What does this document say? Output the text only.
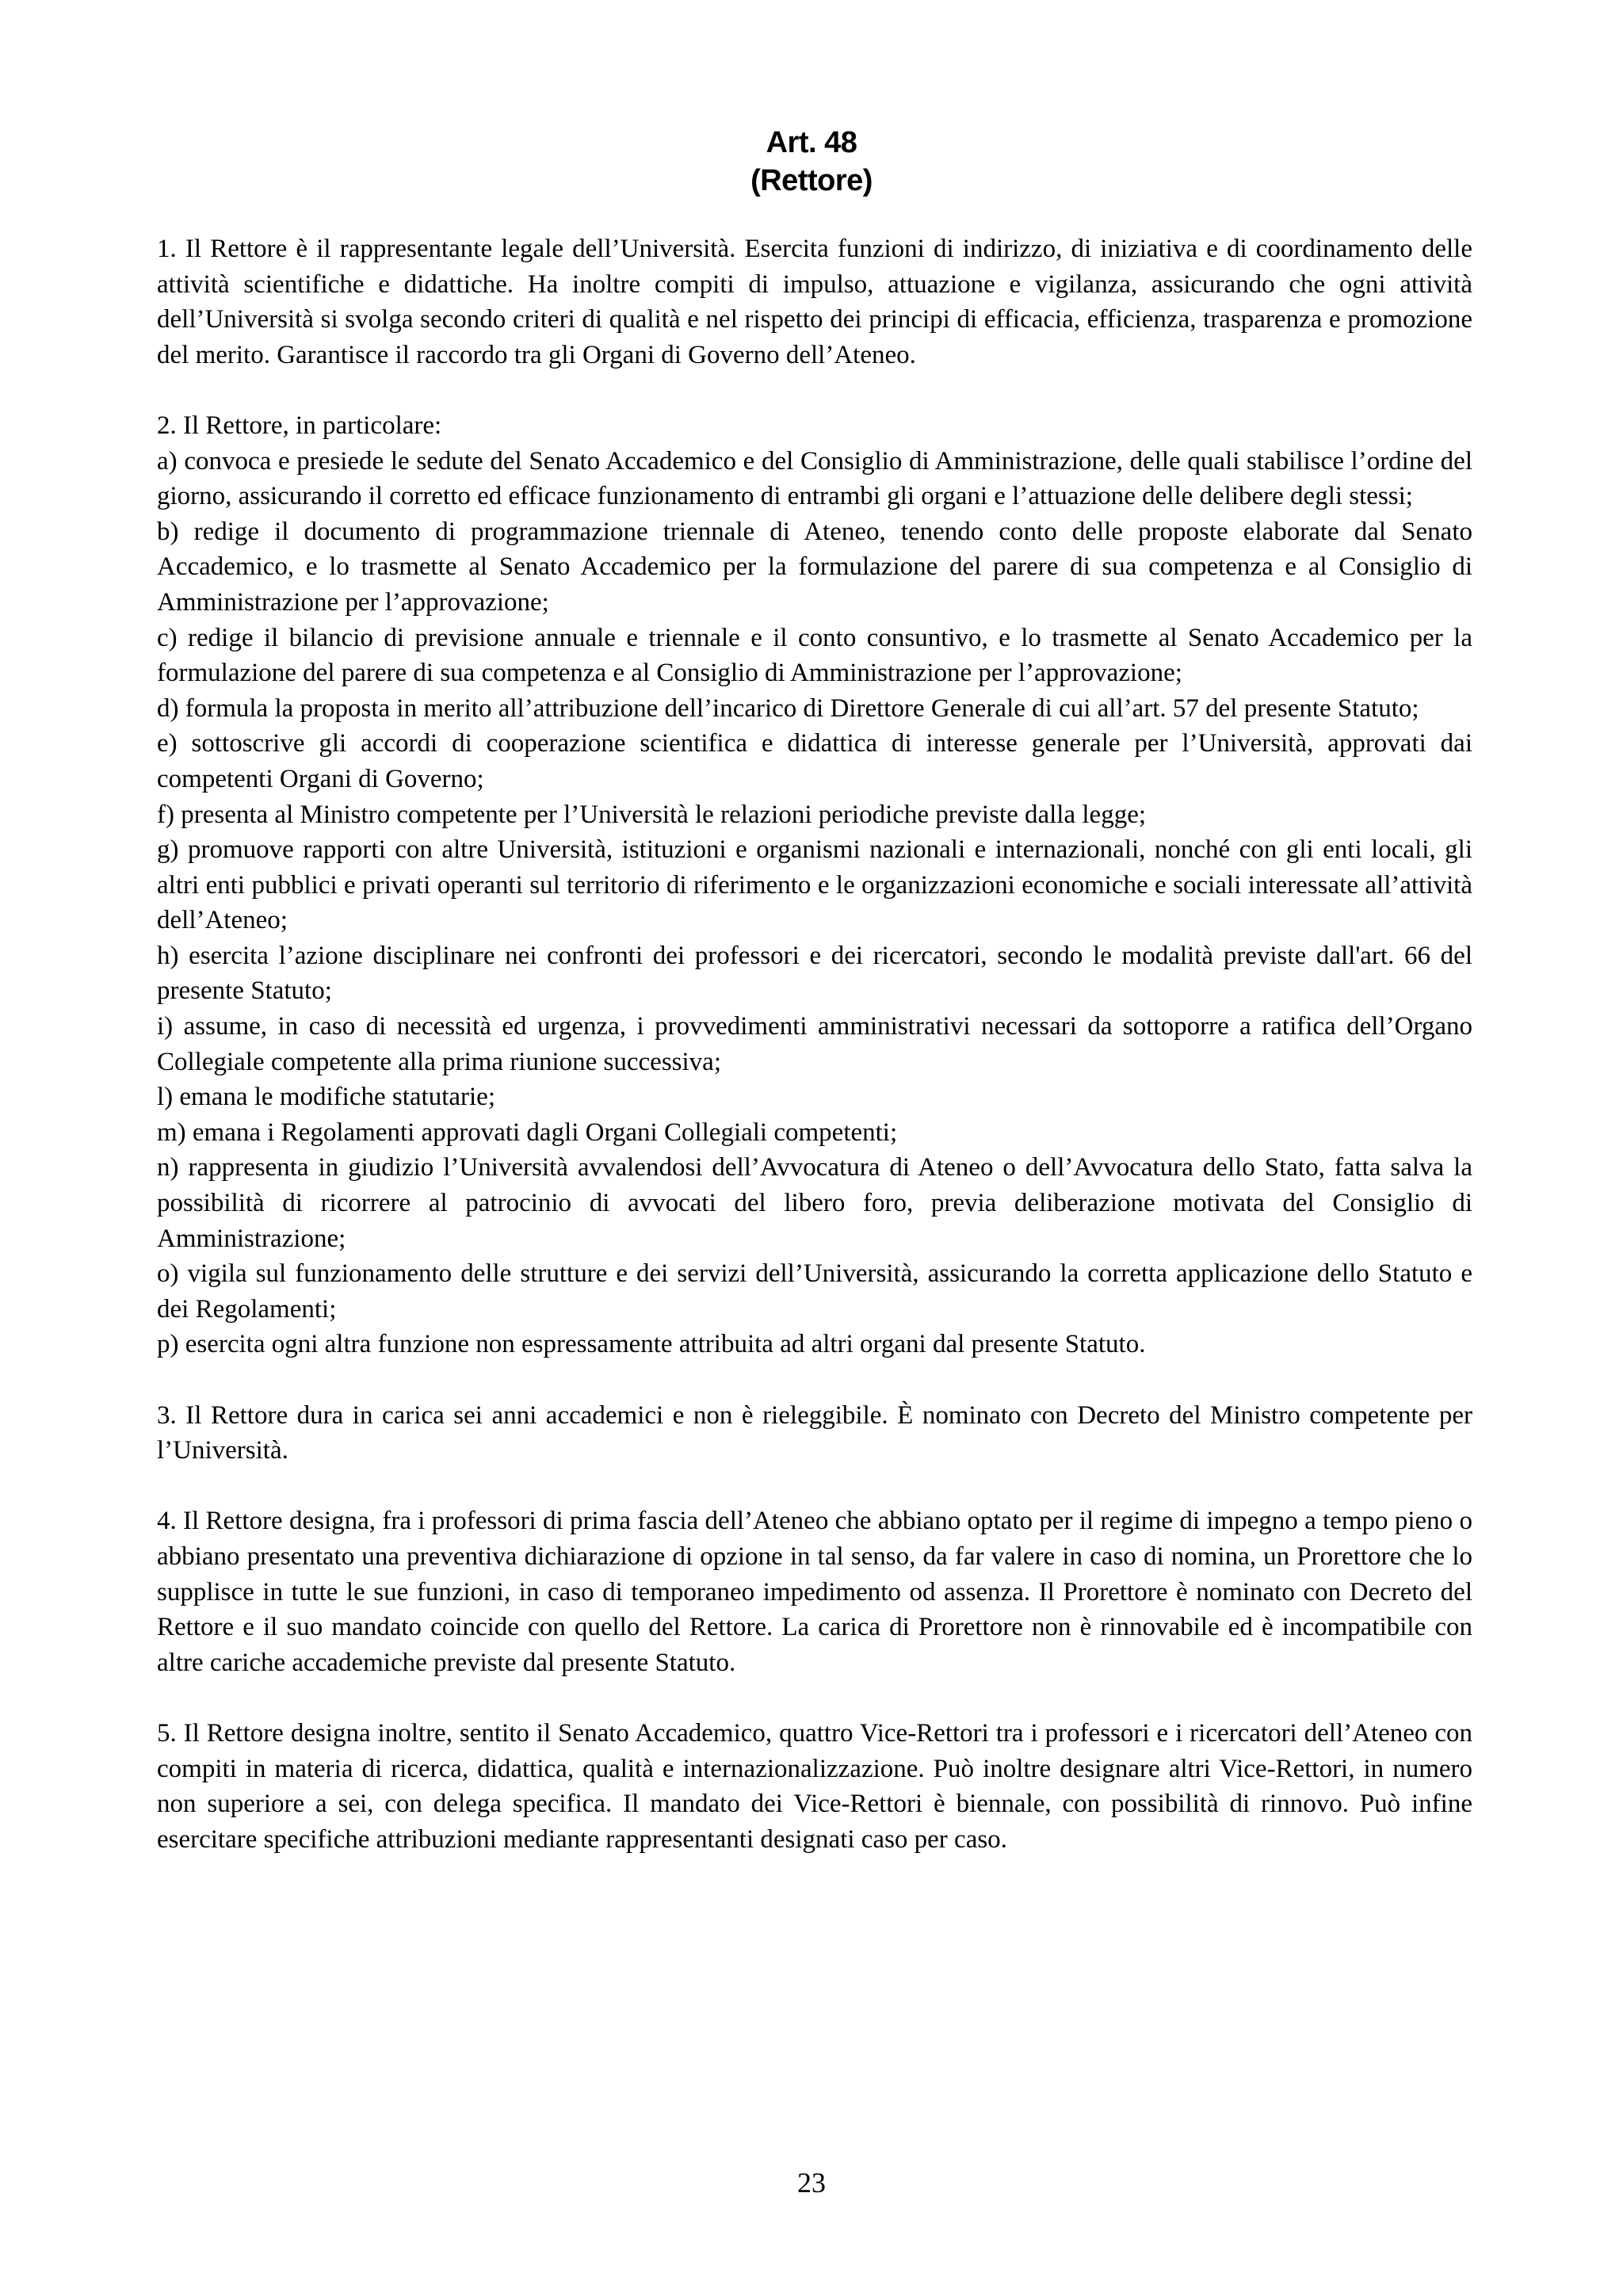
Art. 48
(Rettore)

1. Il Rettore è il rappresentante legale dell’Università. Esercita funzioni di indirizzo, di iniziativa e di coordinamento delle attività scientifiche e didattiche. Ha inoltre compiti di impulso, attuazione e vigilanza, assicurando che ogni attività dell’Università si svolga secondo criteri di qualità e nel rispetto dei principi di efficacia, efficienza, trasparenza e promozione del merito. Garantisce il raccordo tra gli Organi di Governo dell’Ateneo.

2. Il Rettore, in particolare:
a) convoca e presiede le sedute del Senato Accademico e del Consiglio di Amministrazione, delle quali stabilisce l’ordine del giorno, assicurando il corretto ed efficace funzionamento di entrambi gli organi e l’attuazione delle delibere degli stessi;
b) redige il documento di programmazione triennale di Ateneo, tenendo conto delle proposte elaborate dal Senato Accademico, e lo trasmette al Senato Accademico per la formulazione del parere di sua competenza e al Consiglio di Amministrazione per l’approvazione;
c) redige il bilancio di previsione annuale e triennale e il conto consuntivo, e lo trasmette al Senato Accademico per la formulazione del parere di sua competenza e al Consiglio di Amministrazione per l’approvazione;
d) formula la proposta in merito all’attribuzione dell’incarico di Direttore Generale di cui all’art. 57 del presente Statuto;
e) sottoscrive gli accordi di cooperazione scientifica e didattica di interesse generale per l’Università, approvati dai competenti Organi di Governo;
f) presenta al Ministro competente per l’Università le relazioni periodiche previste dalla legge;
g) promuove rapporti con altre Università, istituzioni e organismi nazionali e internazionali, nonché con gli enti locali, gli altri enti pubblici e privati operanti sul territorio di riferimento e le organizzazioni economiche e sociali interessate all’attività dell’Ateneo;
h) esercita l’azione disciplinare nei confronti dei professori e dei ricercatori, secondo le modalità previste dall'art. 66 del presente Statuto;
i) assume, in caso di necessità ed urgenza, i provvedimenti amministrativi necessari da sottoporre a ratifica dell’Organo Collegiale competente alla prima riunione successiva;
l) emana le modifiche statutarie;
m) emana i Regolamenti approvati dagli Organi Collegiali competenti;
n) rappresenta in giudizio l’Università avvalendosi dell’Avvocatura di Ateneo o dell’Avvocatura dello Stato, fatta salva la possibilità di ricorrere al patrocinio di avvocati del libero foro, previa deliberazione motivata del Consiglio di Amministrazione;
o) vigila sul funzionamento delle strutture e dei servizi dell’Università, assicurando la corretta applicazione dello Statuto e dei Regolamenti;
p) esercita ogni altra funzione non espressamente attribuita ad altri organi dal presente Statuto.

3. Il Rettore dura in carica sei anni accademici e non è rieleggibile. È nominato con Decreto del Ministro competente per l’Università.

4. Il Rettore designa, fra i professori di prima fascia dell’Ateneo che abbiano optato per il regime di impegno a tempo pieno o abbiano presentato una preventiva dichiarazione di opzione in tal senso, da far valere in caso di nomina, un Prorettore che lo supplisce in tutte le sue funzioni, in caso di temporaneo impedimento od assenza. Il Prorettore è nominato con Decreto del Rettore e il suo mandato coincide con quello del Rettore. La carica di Prorettore non è rinnovabile ed è incompatibile con altre cariche accademiche previste dal presente Statuto.

5. Il Rettore designa inoltre, sentito il Senato Accademico, quattro Vice-Rettori tra i professori e i ricercatori dell’Ateneo con compiti in materia di ricerca, didattica, qualità e internazionalizzazione. Può inoltre designare altri Vice-Rettori, in numero non superiore a sei, con delega specifica. Il mandato dei Vice-Rettori è biennale, con possibilità di rinnovo. Può infine esercitare specifiche attribuzioni mediante rappresentanti designati caso per caso.

23
